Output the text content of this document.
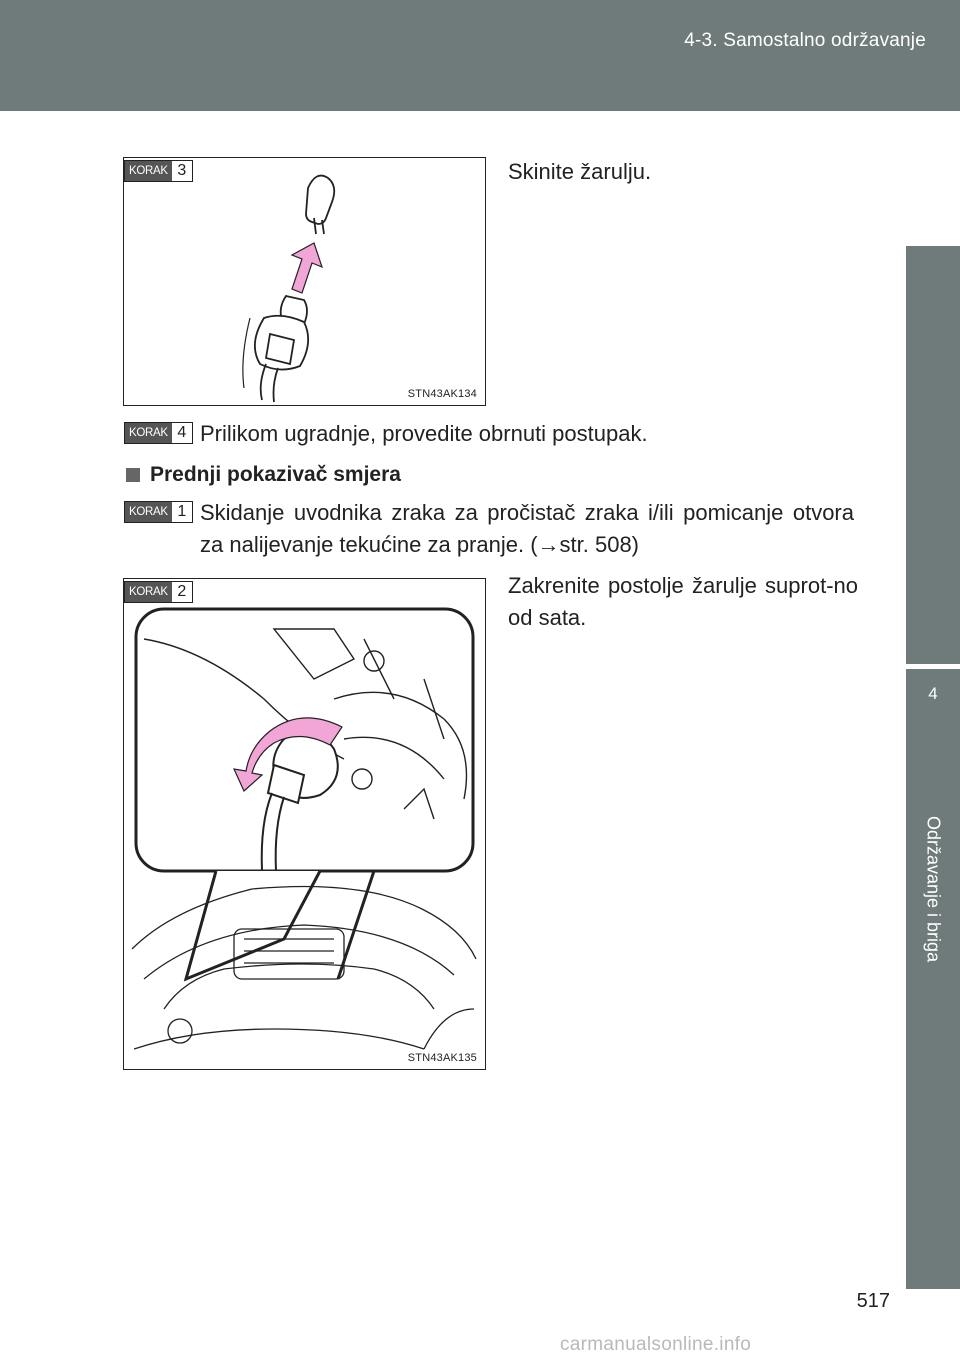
4-3. Samostalno održavanje
4
Održavanje i briga
STN43AK134
KORAK 3	Skinite žarulju.
KORAK 4 Prilikom ugradnje, provedite obrnuti postupak.
Prednji pokazivač smjera
KORAK 1 Skidanje uvodnika zraka za pročistač zraka i/ili pomicanje otvora za nalijevanje tekućine za pranje. (→str. 508)
STN43AK135
KORAK 2	Zakrenite postolje žarulje suprot-no od sata.
517
carmanualsonline.info
